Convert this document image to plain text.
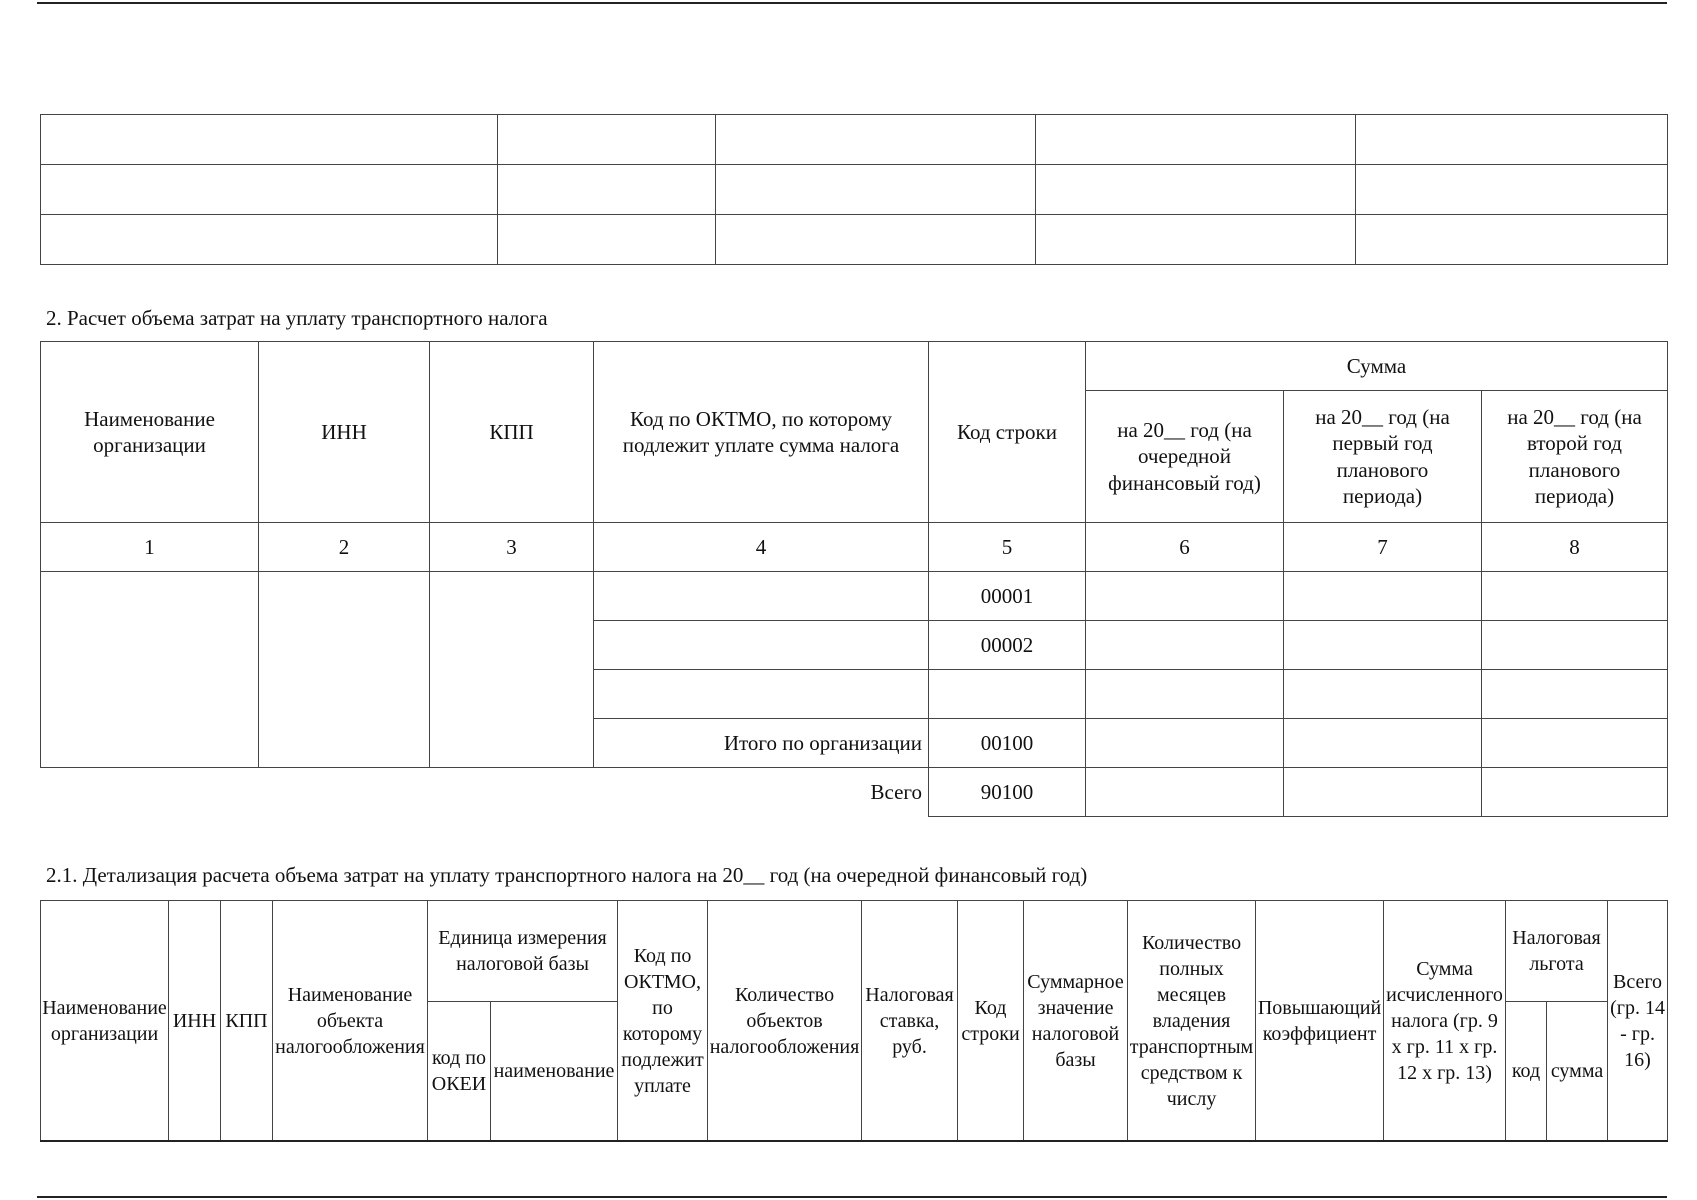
2. Расчет объема затрат на уплату транспортного налога
Наименование организации	ИНН	КПП	Код по ОКТМО, по которому подлежит уплате сумма налога	Код строки	Сумма		
					на 20__ год (на очередной финансовый год)	на 20__ год (на первый год планового периода)	на 20__ год (на второй год планового периода)
1	2	3	4	5	6	7	8
				00001			
				00002			

			Итого по организации	00100			
Всего				90100			
2.1. Детализация расчета объема затрат на уплату транспортного налога на 20__ год (на очередной финансовый год)
Наименование организации	ИНН	КПП	Наименование объекта налогообложения	Единица измерения налоговой базы		Код по ОКТМО, по которому подлежит уплате	Количество объектов налогообложения	Налоговая ставка, руб.	Код строки	Суммарное значение налоговой базы	Количество полных месяцев владения транспортным средством к числу	Повышающий коэффициент	Сумма исчисленного налога (гр. 9 x гр. 11 x гр. 12 x гр. 13)	Налоговая льгота		Всего (гр. 14 - гр. 16)
				код по ОКЕИ	наименование									код	сумма	
